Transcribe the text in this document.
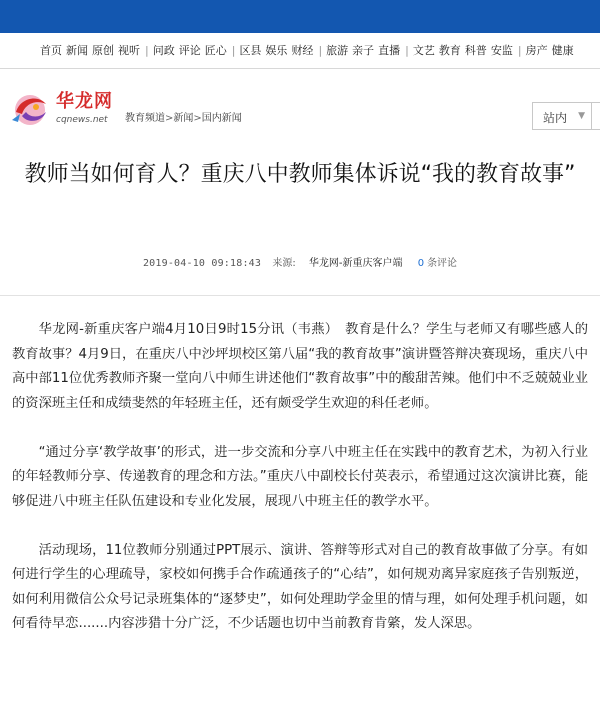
首页 新闻 原创 视听 | 问政 评论 匠心 | 区县 娱乐 财经 | 旅游 亲子 直播 | 文艺 教育 科普 安监 | 房产 健康
华龙网
cqnews.net 教育频道>新闻>国内新闻	站内 ▼
教师当如何育人？重庆八中教师集体诉说“我的教育故事”
2019-04-10 09:18:43 来源: 华龙网-新重庆客户端 0 条评论

华龙网-新重庆客户端4月10日9时15分讯（韦燕）　教育是什么？学生与老师又有哪些感人的教育故事？4月9日，在重庆八中沙坪坝校区第八届“我的教育故事”演讲暨答辩决赛现场，重庆八中高中部11位优秀教师齐聚一堂向八中师生讲述他们“教育故事”中的酸甜苦辣。他们中不乏兢兢业业的资深班主任和成绩斐然的年轻班主任，还有颇受学生欢迎的科任老师。

“通过分享‘教学故事’的形式，进一步交流和分享八中班主任在实践中的教育艺术，为初入行业的年轻教师分享、传递教育的理念和方法。”重庆八中副校长付英表示，希望通过这次演讲比赛，能够促进八中班主任队伍建设和专业化发展，展现八中班主任的教学水平。

活动现场，11位教师分别通过PPT展示、演讲、答辩等形式对自己的教育故事做了分享。有如何进行学生的心理疏导，家校如何携手合作疏通孩子的“心结”，如何规劝离异家庭孩子告别叛逆，如何利用微信公众号记录班集体的“逐梦史”，如何处理助学金里的情与理，如何处理手机问题，如何看待早恋.......内容涉猎十分广泛，不少话题也切中当前教育肯綮，发人深思。
